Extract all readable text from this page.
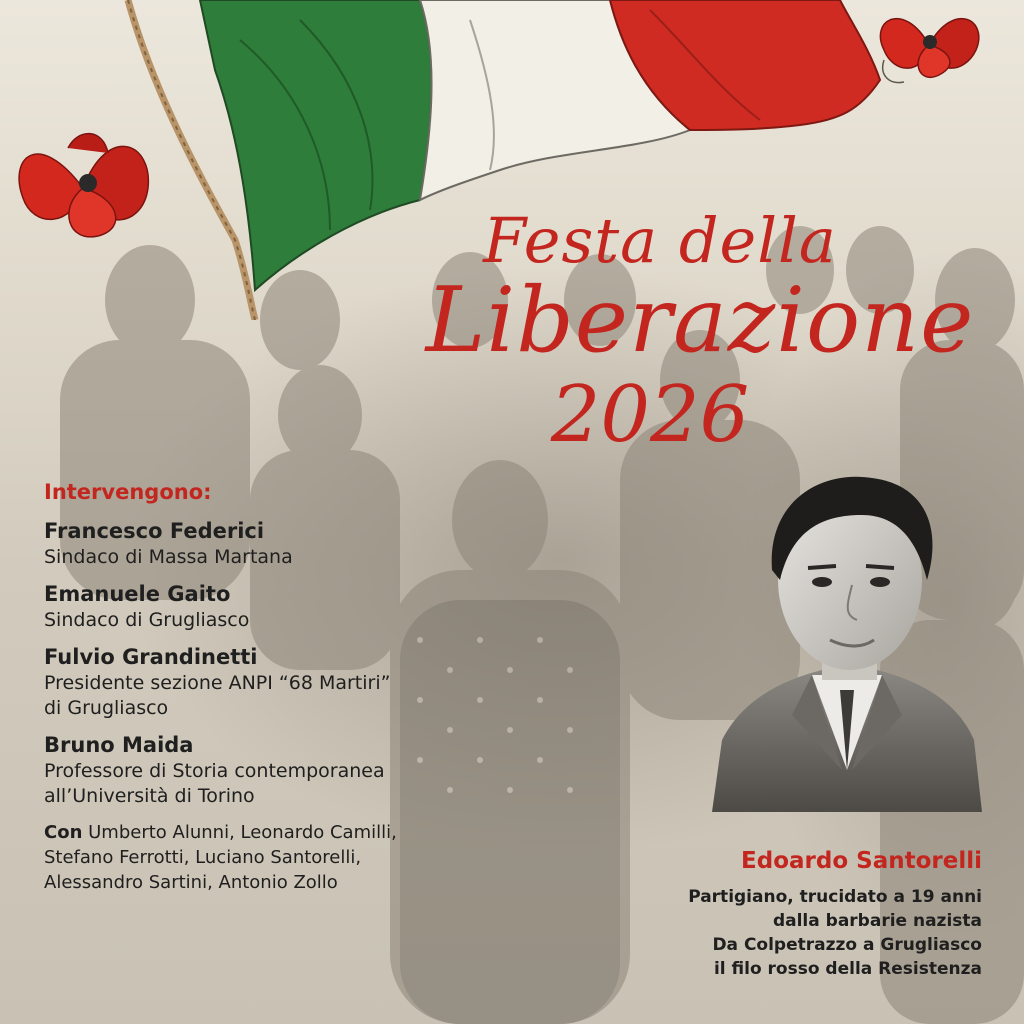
Festa della
Liberazione
2026
Intervengono:
Francesco Federici
Sindaco di Massa Martana
Emanuele Gaito
Sindaco di Grugliasco
Fulvio Grandinetti
Presidente sezione ANPI “68 Martiri”
di Grugliasco
Bruno Maida
Professore di Storia contemporanea
all’Università di Torino
Con Umberto Alunni, Leonardo Camilli,
Stefano Ferrotti, Luciano Santorelli,
Alessandro Sartini, Antonio Zollo
Edoardo Santorelli
Partigiano, trucidato a 19 anni
dalla barbarie nazista
Da Colpetrazzo a Grugliasco
il filo rosso della Resistenza
